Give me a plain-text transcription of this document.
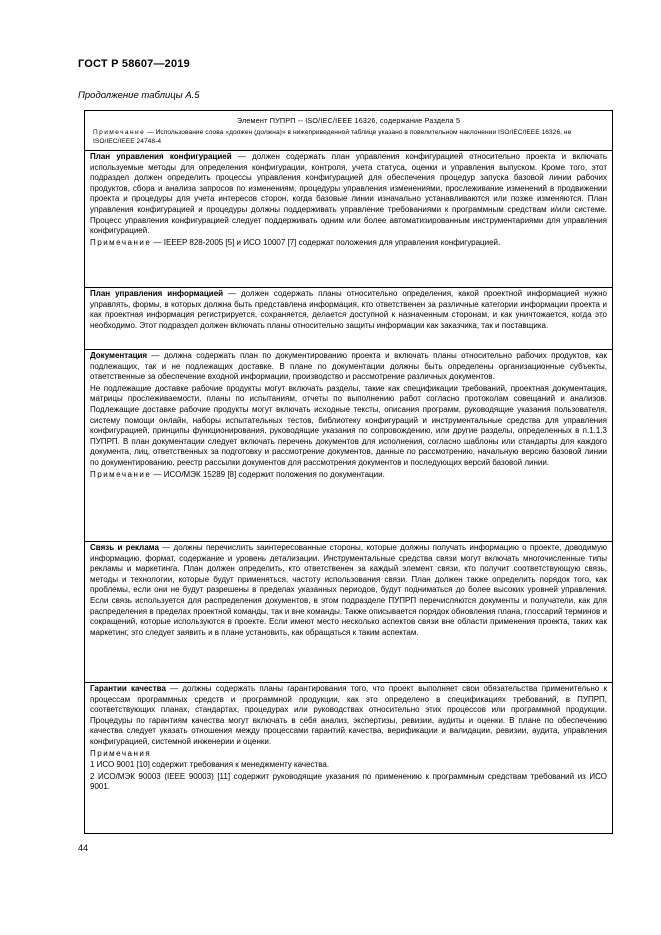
ГОСТ Р 58607—2019
Продолжение таблицы А.5
Элемент ПУПРП -- ISO/IEC/IEEE 16326, содержание Раздела 5
Примечание — Использование слова «должен (должна)» в нижеприведенной таблице указано в повелительном наклонении ISO/IEC/IEEE 16326, не ISO/IEC/IEEE 24748-4

План управления конфигурацией — должен содержать план управления конфигурацией относительно проекта и включать используемые методы для определения конфигурации, контроля, учета статуса, оценки и управления выпуском. Кроме того, этот подраздел должен определить процессы управления конфигурацией для обеспечения процедур запуска базовой линии рабочих продуктов, сбора и анализа запросов по изменениям, процедуры управления изменениями, прослеживание изменений в продвижении проекта и процедуры для учета интересов сторон, когда базовые линии изначально устанавливаются или позже изменяются. План управления конфигурацией и процедуры должны поддерживать управление требованиями к программным средствам и/или системе. Процесс управления конфигурацией следует поддерживать одним или более автоматизированным инструментариями для управления конфигурацией.

Примечание — IEEEP 828-2005 [5] и ИСО 10007 [7] содержат положения для управления конфигурацией.

План управления информацией — должен содержать планы относительно определения, какой проектной информацией нужно управлять, формы, в которых должна быть представлена информация, кто ответственен за различные категории информации проекта и как проектная информация регистрируется, сохраняется, делается доступной к назначенным сторонам, и как уничтожается, когда это необходимо. Этот подраздел должен включать планы относительно защиты информации как заказчика, так и поставщика.

Документация — должна содержать план по документированию проекта и включать планы относительно рабочих продуктов, как подлежащих, так и не подлежащих доставке. В плане по документации должны быть определены организационные субъекты, ответственные за обеспечение входной информации, производство и рассмотрение различных документов.

Не подлежащие доставке рабочие продукты могут включать разделы, такие как спецификации требований, проектная документация, матрицы прослеживаемости, планы по испытаниям, отчеты по выполнению работ согласно протоколам совещаний и анализов. Подлежащие доставке рабочие продукты могут включать исходные тексты, описания программ, руководящие указания пользователя, систему помощи онлайн, наборы испытательных тестов, библиотеку конфигураций и инструментальные средства для управления конфигурацией, принципы функционирования, руководящие указания по сопровождению, или другие разделы, определенных в п.1.1.3 ПУПРП. В план документации следует включать перечень документов для исполнения, согласно шаблоны или стандарты для каждого документа, лиц, ответственных за подготовку и рассмотрение документов, данные по рассмотрению, начальную версию базовой линии по документированию, реестр рассылки документов для рассмотрения документов и последующих версий базовой линии.

Примечание — ИСО/МЭК 15289 [8] содержит положения по документации.

Связь и реклама — должны перечислить заинтересованные стороны, которые должны получать информацию о проекте, доводимую информацию, формат, содержание и уровень детализации. Инструментальные средства связи могут включать многочисленные типы рекламы и маркетинга. План должен определить, кто ответственен за каждый элемент связи, кто получит соответствующую связь, методы и технологии, которые будут применяться, частоту использования связи. План должен также определить порядок того, как проблемы, если они не будут разрешены в пределах указанных периодов, будут подниматься до более высоких уровней управления. Если связь используется для распределения документов, в этом подразделе ПУПРП перечисляются документы и получатели, как для распределения в пределах проектной команды, так и вне команды. Также описывается порядок обновления плана, глоссарий терминов и сокращений, которые используются в проекте. Если имеют место несколько аспектов связи вне области применения проекта, таких как маркетинг, это следует заявить и в плане установить, как обращаться к таким аспектам.

Гарантии качества — должны содержать планы гарантирования того, что проект выполняет свои обязательства применительно к процессам программных средств и программной продукции, как это определено в спецификациях требований, в ПУПРП, соответствующих планах, стандартах, процедурах или руководствах относительно этих процессов или программной продукции. Процедуры по гарантиям качества могут включать в себя анализ, экспертизы, ревизии, аудиты и оценки. В плане по обеспечению качества следует указать отношения между процессами гарантий качества, верификации и валидации, ревизии, аудита, управления конфигурацией, системной инженерии и оценки.

Примечания

1 ИСО 9001 [10] содержит требования к менеджменту качества.

2 ИСО/МЭК 90003 (IEEE 90003) [11] содержит руководящие указания по применению к программным средствам требований из ИСО 9001.

44
